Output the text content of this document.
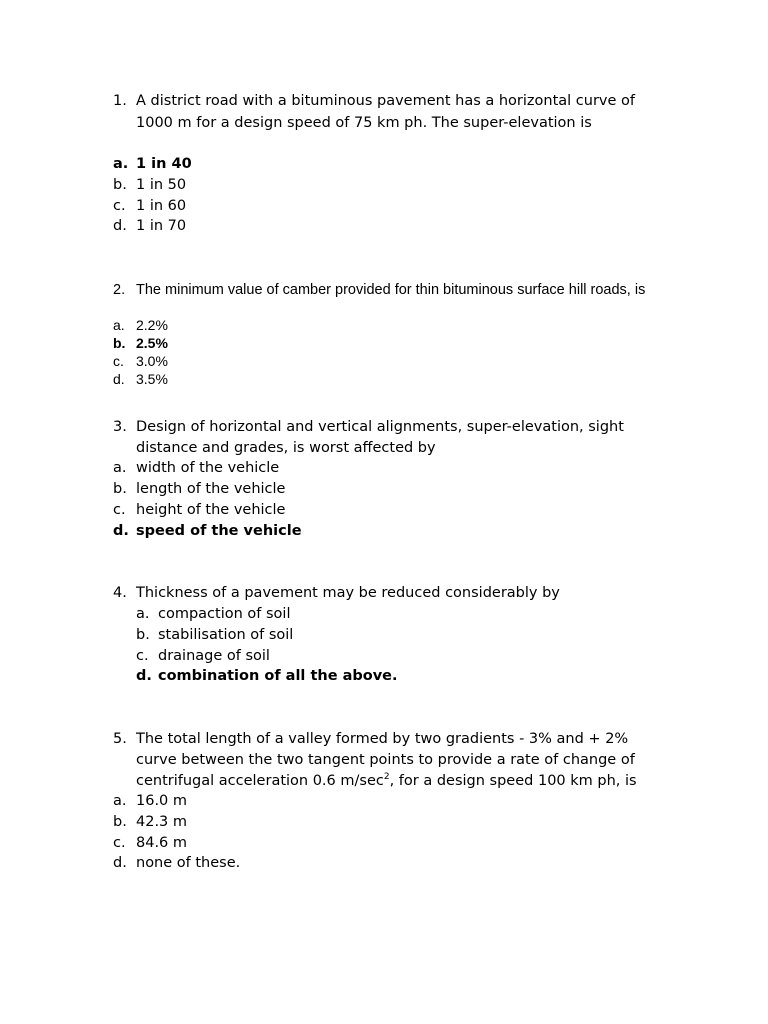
1. A district road with a bituminous pavement has a horizontal curve of
1000 m for a design speed of 75 km ph. The super-elevation is
a. 1 in 40
b. 1 in 50
c. 1 in 60
d. 1 in 70
2. The minimum value of camber provided for thin bituminous surface hill roads, is
a. 2.2%
b. 2.5%
c. 3.0%
d. 3.5%
3. Design of horizontal and vertical alignments, super-elevation, sight
distance and grades, is worst affected by
a. width of the vehicle
b. length of the vehicle
c. height of the vehicle
d. speed of the vehicle
4. Thickness of a pavement may be reduced considerably by
a. compaction of soil
b. stabilisation of soil
c. drainage of soil
d. combination of all the above.
5. The total length of a valley formed by two gradients - 3% and + 2%
curve between the two tangent points to provide a rate of change of
centrifugal acceleration 0.6 $m/\sec^2$, for a design speed 100 km ph, is
a. 16.0 m
b. 42.3 m
c. 84.6 m
d. none of these.
